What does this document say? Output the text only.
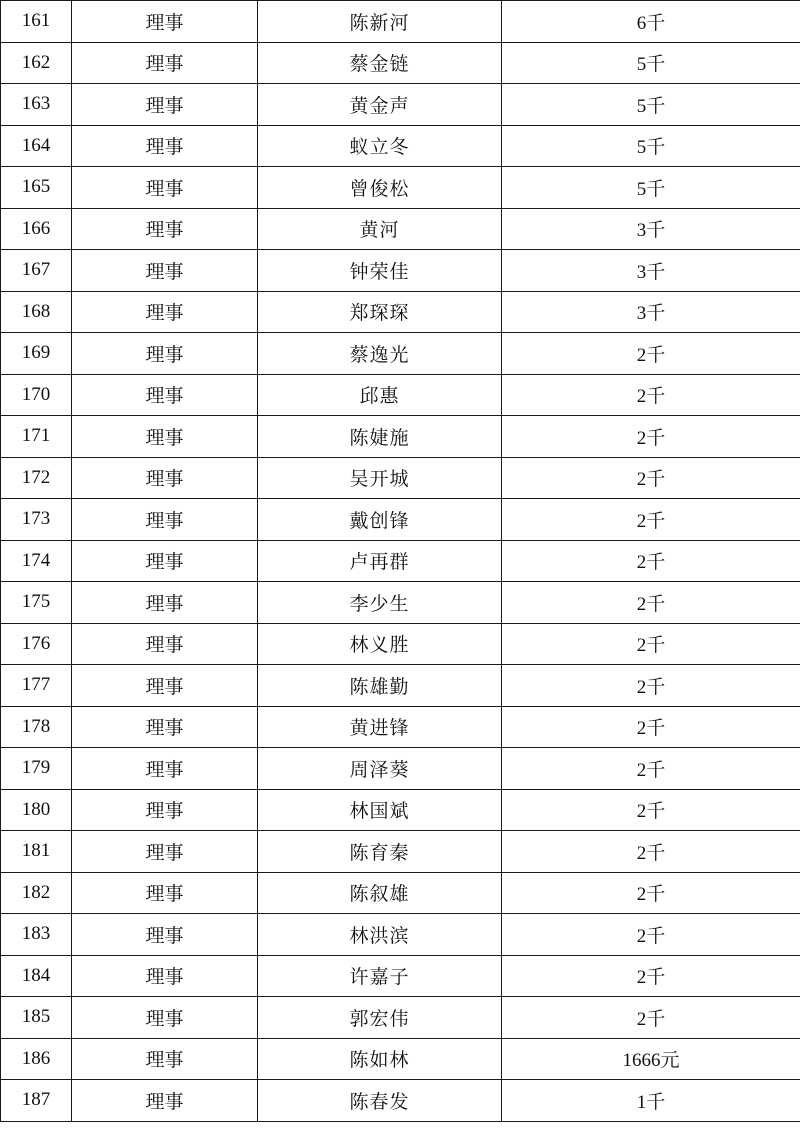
161	理事	陈新河	6千
162	理事	蔡金链	5千
163	理事	黄金声	5千
164	理事	蚁立冬	5千
165	理事	曾俊松	5千
166	理事	黄河	3千
167	理事	钟荣佳	3千
168	理事	郑琛琛	3千
169	理事	蔡逸光	2千
170	理事	邱惠	2千
171	理事	陈婕施	2千
172	理事	吴开城	2千
173	理事	戴创锋	2千
174	理事	卢再群	2千
175	理事	李少生	2千
176	理事	林义胜	2千
177	理事	陈雄勤	2千
178	理事	黄进锋	2千
179	理事	周泽葵	2千
180	理事	林国斌	2千
181	理事	陈育秦	2千
182	理事	陈叙雄	2千
183	理事	林洪滨	2千
184	理事	许嘉子	2千
185	理事	郭宏伟	2千
186	理事	陈如林	1666元
187	理事	陈春发	1千
